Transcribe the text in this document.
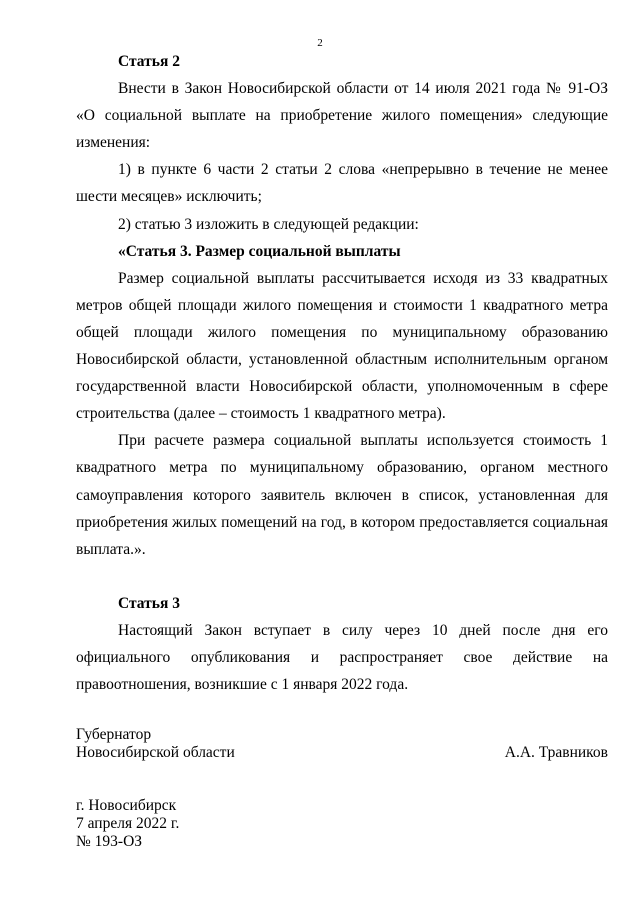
2

Статья 2

Внести в Закон Новосибирской области от 14 июля 2021 года № 91-ОЗ «О социальной выплате на приобретение жилого помещения» следующие изменения:

1) в пункте 6 части 2 статьи 2 слова «непрерывно в течение не менее шести месяцев» исключить;

2) статью 3 изложить в следующей редакции:

«Статья 3. Размер социальной выплаты

Размер социальной выплаты рассчитывается исходя из 33 квадратных метров общей площади жилого помещения и стоимости 1 квадратного метра общей площади жилого помещения по муниципальному образованию Новосибирской области, установленной областным исполнительным органом государственной власти Новосибирской области, уполномоченным в сфере строительства (далее – стоимость 1 квадратного метра).

При расчете размера социальной выплаты используется стоимость 1 квадратного метра по муниципальному образованию, органом местного самоуправления которого заявитель включен в список, установленная для приобретения жилых помещений на год, в котором предоставляется социальная выплата.».

Статья 3

Настоящий Закон вступает в силу через 10 дней после дня его официального опубликования и распространяет свое действие на правоотношения, возникшие с 1 января 2022 года.

Губернатор
Новосибирской области	А.А. Травников
г. Новосибирск
7 апреля 2022 г.
№ 193-ОЗ
